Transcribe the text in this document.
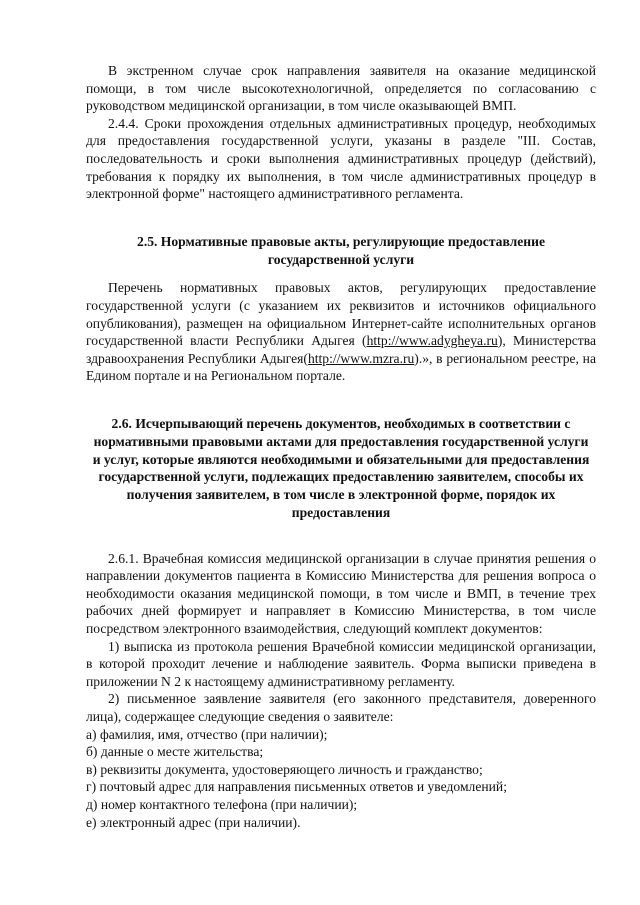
В экстренном случае срок направления заявителя на оказание медицинской помощи, в том числе высокотехнологичной, определяется по согласованию с руководством медицинской организации, в том числе оказывающей ВМП.

2.4.4. Сроки прохождения отдельных административных процедур, необходимых для предоставления государственной услуги, указаны в разделе "III. Состав, последовательность и сроки выполнения административных процедур (действий), требования к порядку их выполнения, в том числе административных процедур в электронной форме" настоящего административного регламента.

2.5. Нормативные правовые акты, регулирующие предоставление государственной услуги

Перечень нормативных правовых актов, регулирующих предоставление государственной услуги (с указанием их реквизитов и источников официального опубликования), размещен на официальном Интернет-сайте исполнительных органов государственной власти Республики Адыгея (http://www.adygheya.ru), Министерства здравоохранения Республики Адыгея(http://www.mzra.ru).», в региональном реестре, на Едином портале и на Региональном портале.

2.6. Исчерпывающий перечень документов, необходимых в соответствии с нормативными правовыми актами для предоставления государственной услуги и услуг, которые являются необходимыми и обязательными для предоставления государственной услуги, подлежащих предоставлению заявителем, способы их получения заявителем, в том числе в электронной форме, порядок их предоставления

2.6.1. Врачебная комиссия медицинской организации в случае принятия решения о направлении документов пациента в Комиссию Министерства для решения вопроса о необходимости оказания медицинской помощи, в том числе и ВМП, в течение трех рабочих дней формирует и направляет в Комиссию Министерства, в том числе посредством электронного взаимодействия, следующий комплект документов:

1) выписка из протокола решения Врачебной комиссии медицинской организации, в которой проходит лечение и наблюдение заявитель. Форма выписки приведена в приложении N 2 к настоящему административному регламенту.

2) письменное заявление заявителя (его законного представителя, доверенного лица), содержащее следующие сведения о заявителе:

а) фамилия, имя, отчество (при наличии);

б) данные о месте жительства;

в) реквизиты документа, удостоверяющего личность и гражданство;

г) почтовый адрес для направления письменных ответов и уведомлений;

д) номер контактного телефона (при наличии);

е) электронный адрес (при наличии).
